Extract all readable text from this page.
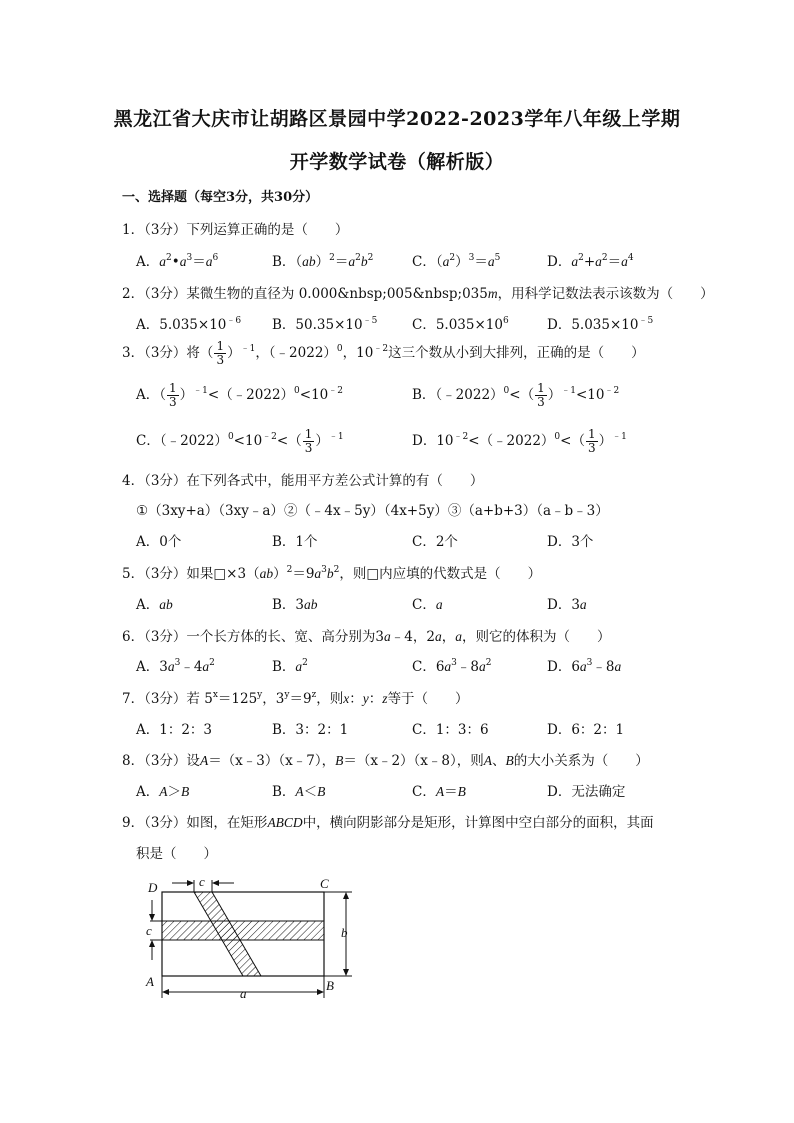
黑龙江省大庆市让胡路区景园中学2022-2023学年八年级上学期
开学数学试卷（解析版）
一、选择题（每空3分，共30分）
1．（3分）下列运算正确的是（　　）
A．$a^2•a^3=a^6$	B．$(ab)^2=a^2b^2$	C．$(a^2)^3=a^5$	D．$a^2+a^2=a^4$
2．（3分）某微生物的直径为 0.000&nbsp;005&nbsp;035m，用科学记数法表示该数为（　　）
A．$5.035\times 10^{﹣6}$ B．$50.35\times 10^{﹣5}$	C．$5.035\times 10^6$	D．$5.035\times 10^{﹣5}$
3．（3分）将（ $\frac{1}{3} )^{﹣1}$，（﹣2022）$^0$，$10^{﹣2}$这三个数从小到大排列，正确的是（　　）
A．（ $\frac{1}{3}$ ）$^{﹣1}<(﹣2022)^0<10^{﹣2}$	B．（﹣2022）$^0$<（ $\frac{1}{3} )^{﹣1}<10^{﹣2}$
C．$(﹣2022)^0<10^{﹣2}<( \frac{1}{3} )^{﹣1}$	D．$10^{﹣2}<(﹣2022)^0<( \frac{1}{3} )^{﹣1}$
4．（3分）在下列各式中，能用平方差公式计算的有（　　）
①（3xy+a）（3xy﹣a）②（﹣4x﹣5y）（4x+5y）③（a+b+3）（a﹣b﹣3）
A．0个	B．1个	C．2个	D．3个
5．（3分）如果$□\times 3(ab)^2=9a^3b^2$，则□内应填的代数式是（　　）
A．ab	B．3ab	C．a	D．3a
6．（3分）一个长方体的长、宽、高分别为3a﹣4，2a，a，则它的体积为（　　）
A．$3a^3﹣4a^2$	B．$a^2$	C．$6a^3﹣8a^2$	D．$6a^3﹣8a$
7．（3分）若 $5^x=125^y$，$3^y=9^z$，则x：y：z等于（　　）
A．1：2：3	B．3：2：1	C．1：3：6	D．6：2：1
8．（3分）设A＝（x﹣3）（x﹣7），B＝（x﹣2）（x﹣8），则A、B的大小关系为（　　）
A．A＞B	B．A＜B	C．A＝B	D．无法确定
9．（3分）如图，在矩形ABCD中，横向阴影部分是矩形，计算图中空白部分的面积，其面
积是（　　）
c
c	b
a
D	C
A	B
